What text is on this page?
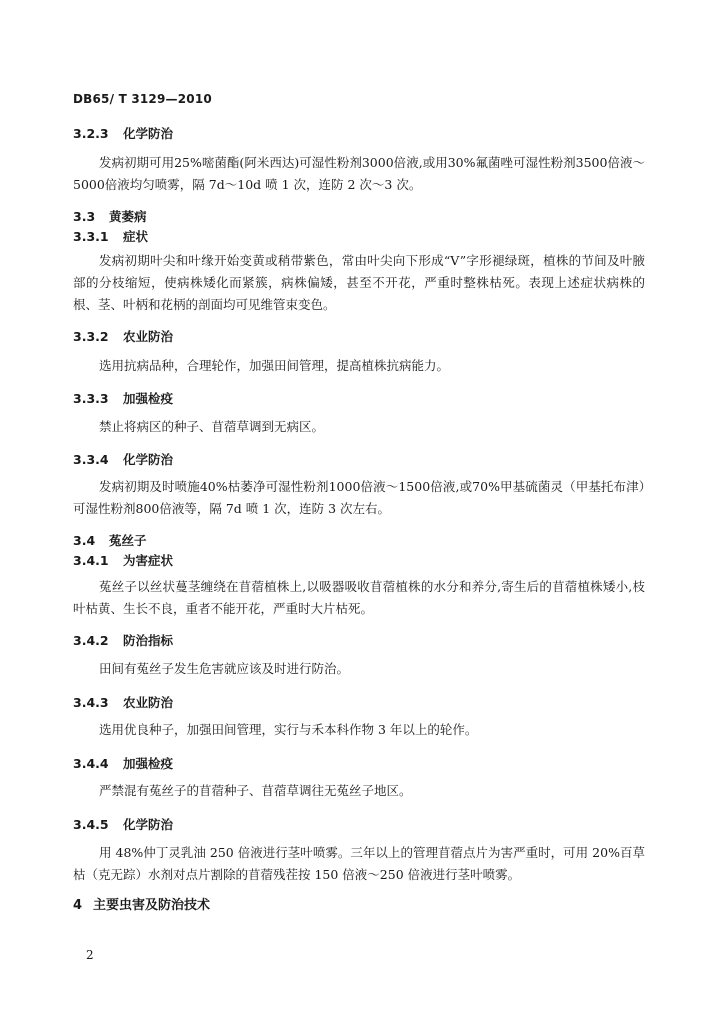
DB65/ T 3129—2010
3.2.3 化学防治
发病初期可用25%嘧菌酯(阿米西达)可湿性粉剂3000倍液,或用30%氟菌唑可湿性粉剂3500倍液～5000倍液均匀喷雾，隔 7d～10d 喷 1 次，连防 2 次～3 次。
3.3 黄萎病
3.3.1 症状
发病初期叶尖和叶缘开始变黄或稍带紫色，常由叶尖向下形成“V”字形褪绿斑，植株的节间及叶腋部的分枝缩短，使病株矮化而紧簇，病株偏矮，甚至不开花，严重时整株枯死。表现上述症状病株的根、茎、叶柄和花柄的剖面均可见维管束变色。
3.3.2 农业防治
选用抗病品种，合理轮作，加强田间管理，提高植株抗病能力。
3.3.3 加强检疫
禁止将病区的种子、苜蓿草调到无病区。
3.3.4 化学防治
发病初期及时喷施40%枯萎净可湿性粉剂1000倍液～1500倍液,或70%甲基硫菌灵（甲基托布津）可湿性粉剂800倍液等，隔 7d 喷 1 次，连防 3 次左右。
3.4 菟丝子
3.4.1 为害症状
菟丝子以丝状蔓茎缠绕在苜蓿植株上,以吸器吸收苜蓿植株的水分和养分,寄生后的苜蓿植株矮小,枝叶枯黄、生长不良，重者不能开花，严重时大片枯死。
3.4.2 防治指标
田间有菟丝子发生危害就应该及时进行防治。
3.4.3 农业防治
选用优良种子，加强田间管理，实行与禾本科作物 3 年以上的轮作。
3.4.4 加强检疫
严禁混有菟丝子的苜蓿种子、苜蓿草调往无菟丝子地区。
3.4.5 化学防治
用 48%仲丁灵乳油 250 倍液进行茎叶喷雾。三年以上的管理苜蓿点片为害严重时，可用 20%百草枯（克无踪）水剂对点片割除的苜蓿残茬按 150 倍液～250 倍液进行茎叶喷雾。
4 主要虫害及防治技术
2
